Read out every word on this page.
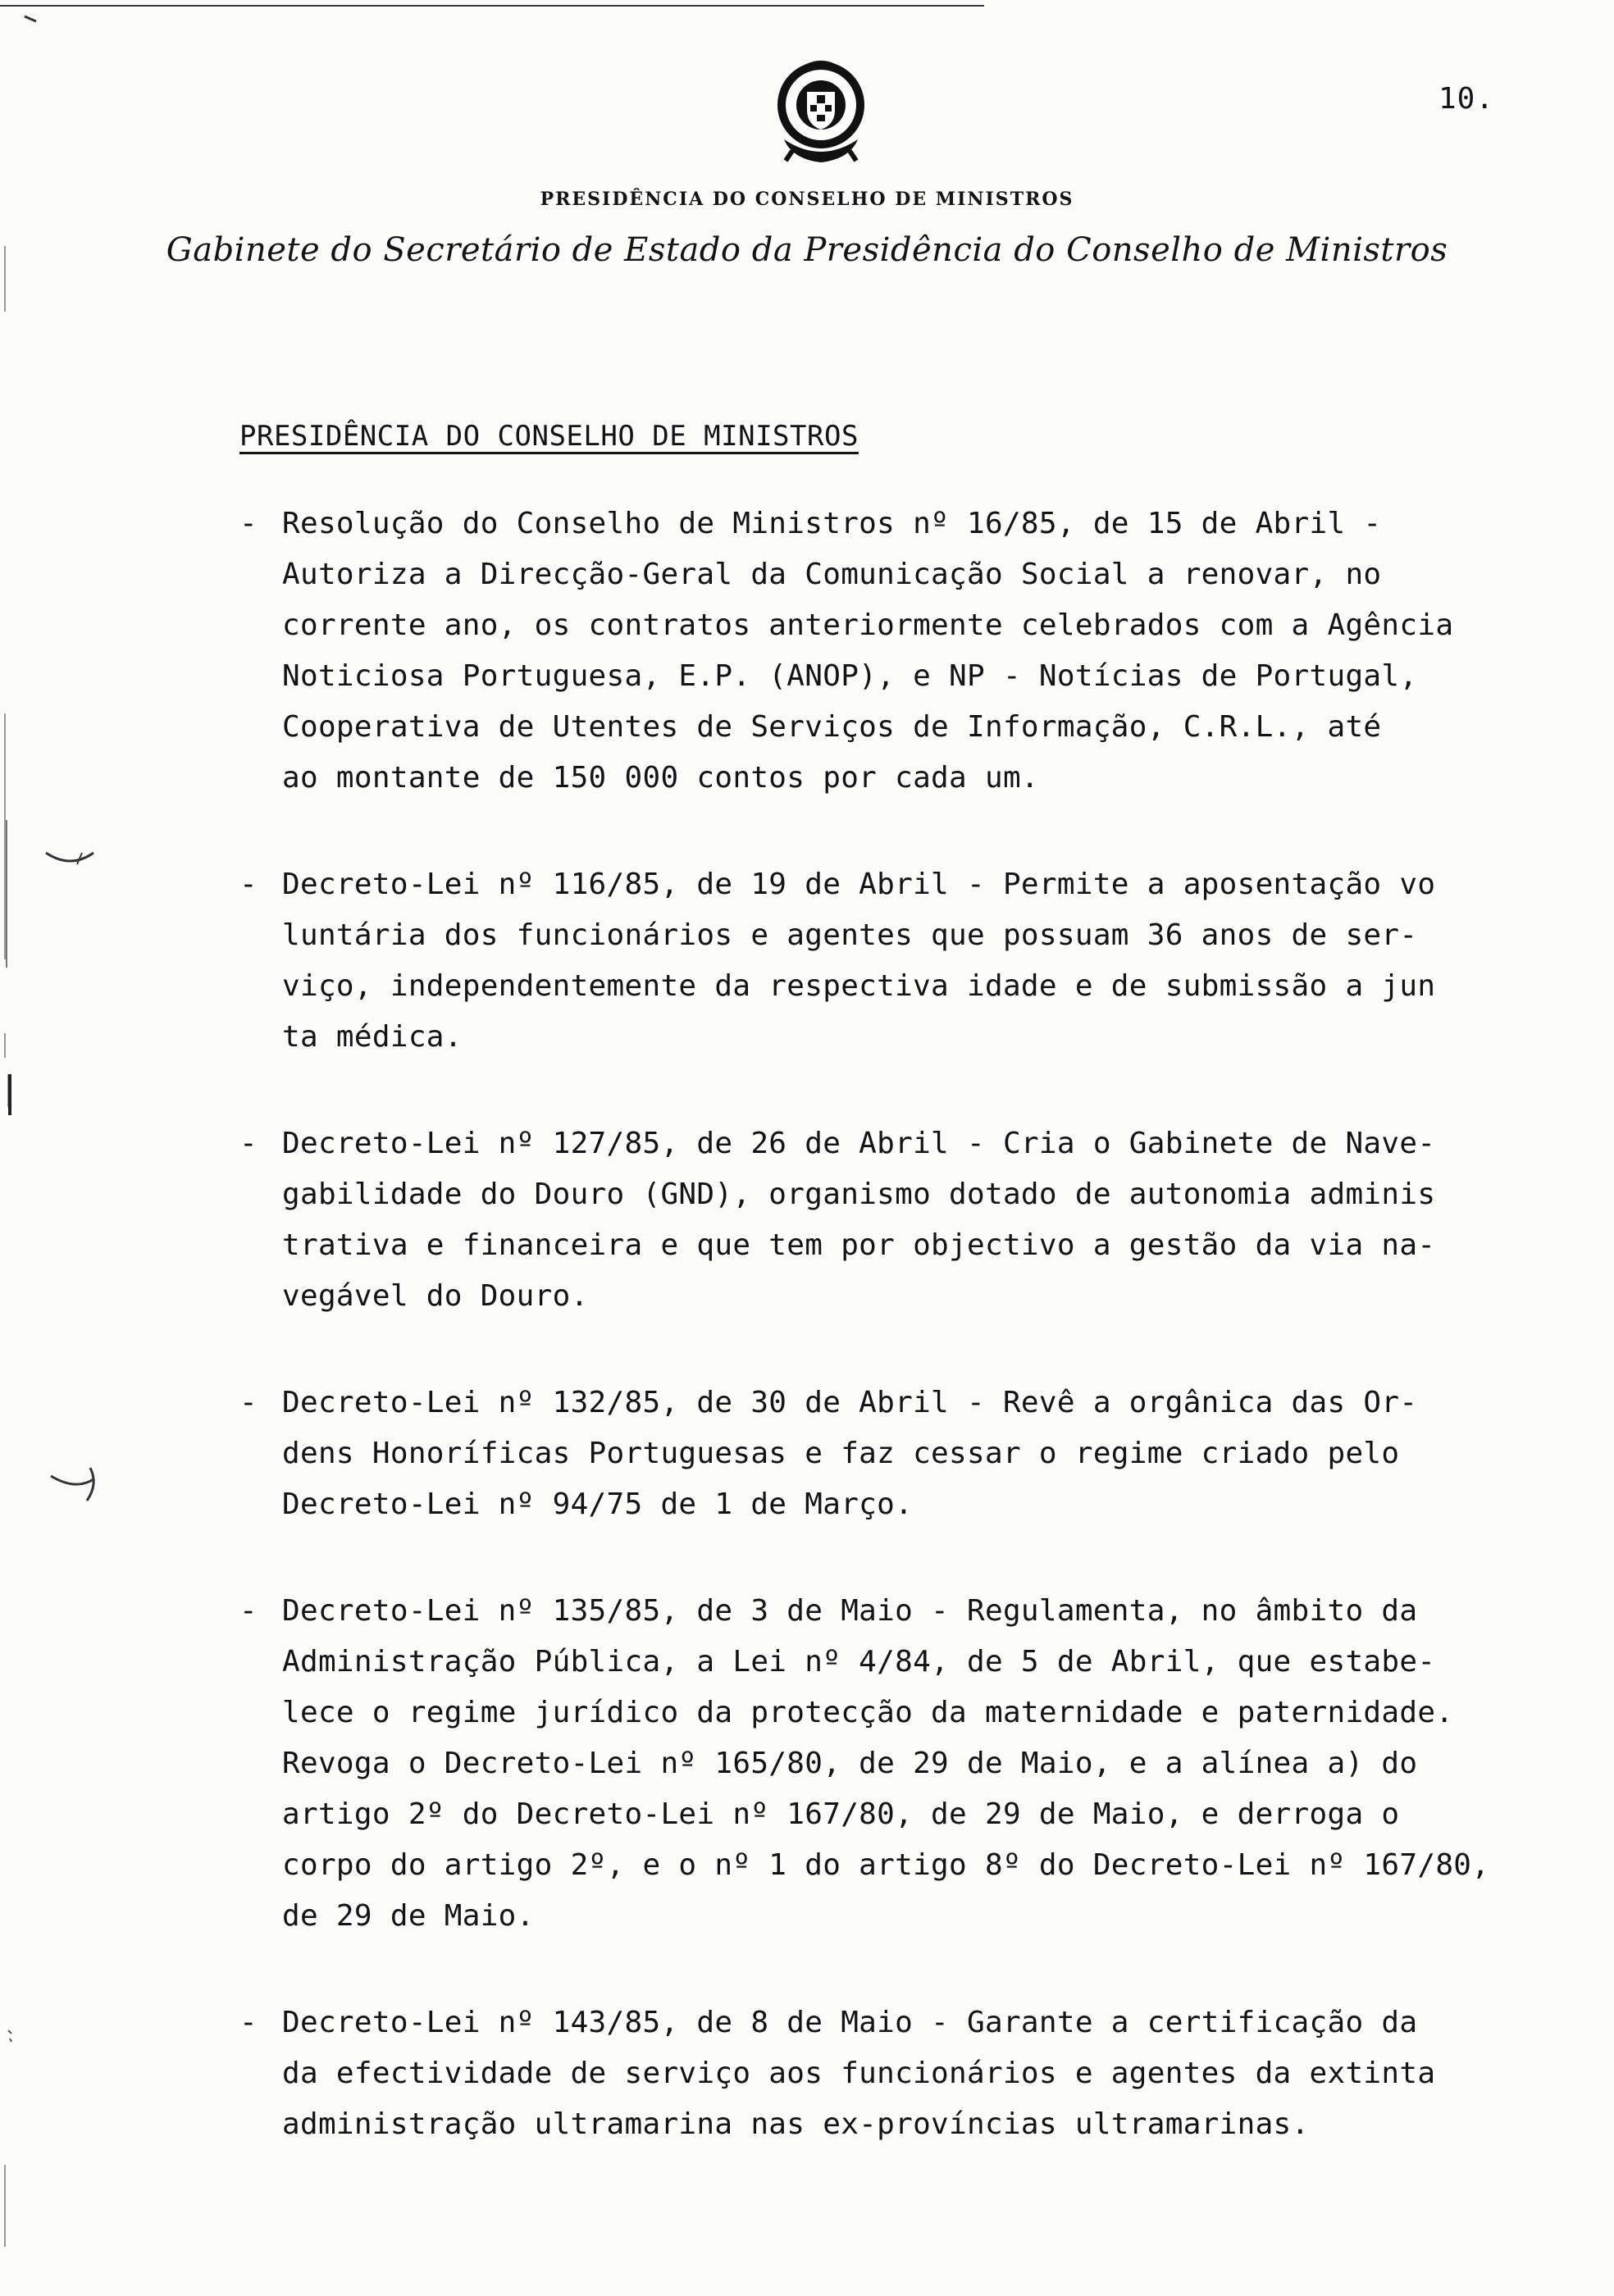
10.
PRESIDÊNCIA DO CONSELHO DE MINISTROS
Gabinete do Secretário de Estado da Presidência do Conselho de Ministros
PRESIDÊNCIA DO CONSELHO DE MINISTROS
- Resolução do Conselho de Ministros nº 16/85, de 15 de Abril -
Autoriza a Direcção-Geral da Comunicação Social a renovar, no
corrente ano, os contratos anteriormente celebrados com a Agência
Noticiosa Portuguesa, E.P. (ANOP), e NP - Notícias de Portugal,
Cooperativa de Utentes de Serviços de Informação, C.R.L., até
ao montante de 150 000 contos por cada um.
- Decreto-Lei nº 116/85, de 19 de Abril - Permite a aposentação vo
luntária dos funcionários e agentes que possuam 36 anos de ser-
viço, independentemente da respectiva idade e de submissão a jun
ta médica.
- Decreto-Lei nº 127/85, de 26 de Abril - Cria o Gabinete de Nave-
gabilidade do Douro (GND), organismo dotado de autonomia adminis
trativa e financeira e que tem por objectivo a gestão da via na-
vegável do Douro.
- Decreto-Lei nº 132/85, de 30 de Abril - Revê a orgânica das Or-
dens Honoríficas Portuguesas e faz cessar o regime criado pelo
Decreto-Lei nº 94/75 de 1 de Março.
- Decreto-Lei nº 135/85, de 3 de Maio - Regulamenta, no âmbito da
Administração Pública, a Lei nº 4/84, de 5 de Abril, que estabe-
lece o regime jurídico da protecção da maternidade e paternidade.
Revoga o Decreto-Lei nº 165/80, de 29 de Maio, e a alínea a) do
artigo 2º do Decreto-Lei nº 167/80, de 29 de Maio, e derroga o
corpo do artigo 2º, e o nº 1 do artigo 8º do Decreto-Lei nº 167/80,
de 29 de Maio.
- Decreto-Lei nº 143/85, de 8 de Maio - Garante a certificação da
da efectividade de serviço aos funcionários e agentes da extinta
administração ultramarina nas ex-províncias ultramarinas.
